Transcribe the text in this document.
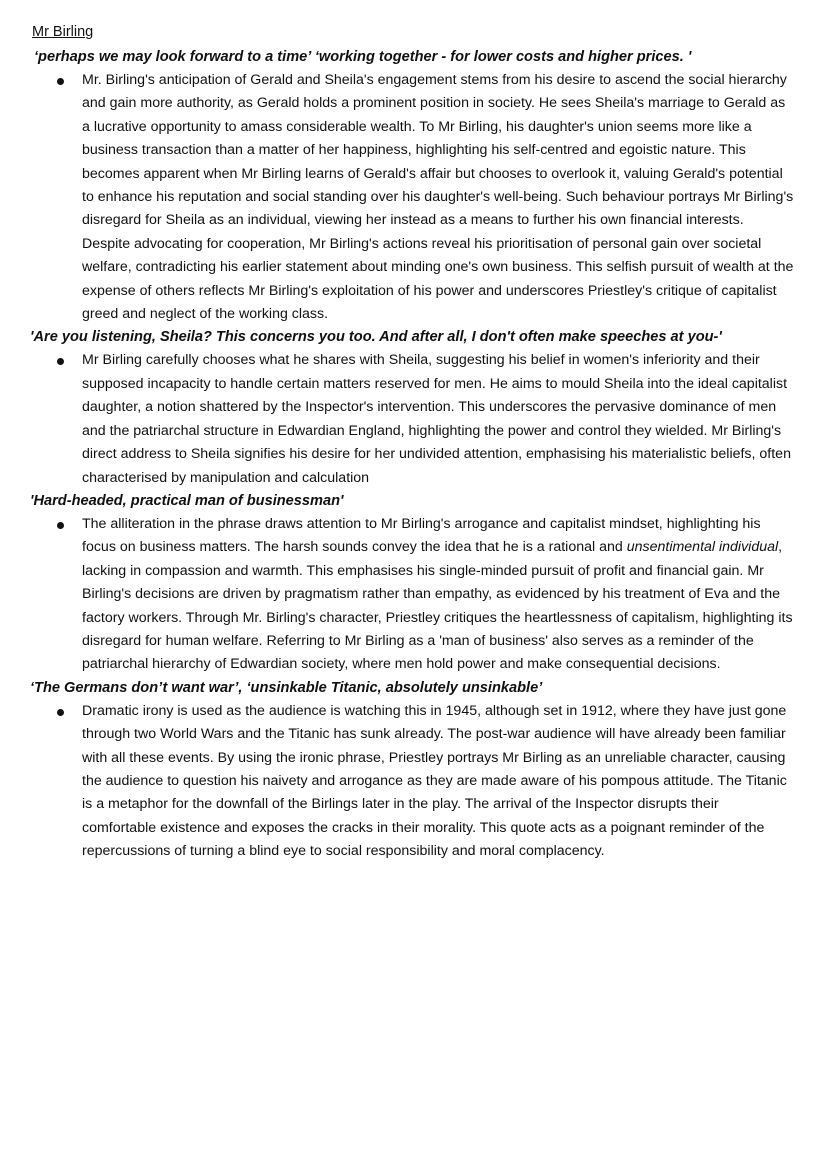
Mr Birling

‘perhaps we may look forward to a time’ ‘working together - for lower costs and higher prices. '

Mr. Birling's anticipation of Gerald and Sheila's engagement stems from his desire to ascend the social hierarchy and gain more authority, as Gerald holds a prominent position in society. He sees Sheila's marriage to Gerald as a lucrative opportunity to amass considerable wealth. To Mr Birling, his daughter's union seems more like a business transaction than a matter of her happiness, highlighting his self-centred and egoistic nature. This becomes apparent when Mr Birling learns of Gerald's affair but chooses to overlook it, valuing Gerald's potential to enhance his reputation and social standing over his daughter's well-being. Such behaviour portrays Mr Birling's disregard for Sheila as an individual, viewing her instead as a means to further his own financial interests. Despite advocating for cooperation, Mr Birling's actions reveal his prioritisation of personal gain over societal welfare, contradicting his earlier statement about minding one's own business. This selfish pursuit of wealth at the expense of others reflects Mr Birling's exploitation of his power and underscores Priestley's critique of capitalist greed and neglect of the working class.

'Are you listening, Sheila? This concerns you too. And after all, I don't often make speeches at you-'

Mr Birling carefully chooses what he shares with Sheila, suggesting his belief in women's inferiority and their supposed incapacity to handle certain matters reserved for men. He aims to mould Sheila into the ideal capitalist daughter, a notion shattered by the Inspector's intervention. This underscores the pervasive dominance of men and the patriarchal structure in Edwardian England, highlighting the power and control they wielded. Mr Birling's direct address to Sheila signifies his desire for her undivided attention, emphasising his materialistic beliefs, often characterised by manipulation and calculation

'Hard-headed, practical man of businessman'

The alliteration in the phrase draws attention to Mr Birling's arrogance and capitalist mindset, highlighting his focus on business matters. The harsh sounds convey the idea that he is a rational and unsentimental individual, lacking in compassion and warmth. This emphasises his single-minded pursuit of profit and financial gain. Mr Birling's decisions are driven by pragmatism rather than empathy, as evidenced by his treatment of Eva and the factory workers. Through Mr. Birling's character, Priestley critiques the heartlessness of capitalism, highlighting its disregard for human welfare. Referring to Mr Birling as a 'man of business' also serves as a reminder of the patriarchal hierarchy of Edwardian society, where men hold power and make consequential decisions.

‘The Germans don’t want war’, ‘unsinkable Titanic, absolutely unsinkable’

Dramatic irony is used as the audience is watching this in 1945, although set in 1912, where they have just gone through two World Wars and the Titanic has sunk already. The post-war audience will have already been familiar with all these events. By using the ironic phrase, Priestley portrays Mr Birling as an unreliable character, causing the audience to question his naivety and arrogance as they are made aware of his pompous attitude. The Titanic is a metaphor for the downfall of the Birlings later in the play. The arrival of the Inspector disrupts their comfortable existence and exposes the cracks in their morality. This quote acts as a poignant reminder of the repercussions of turning a blind eye to social responsibility and moral complacency.
